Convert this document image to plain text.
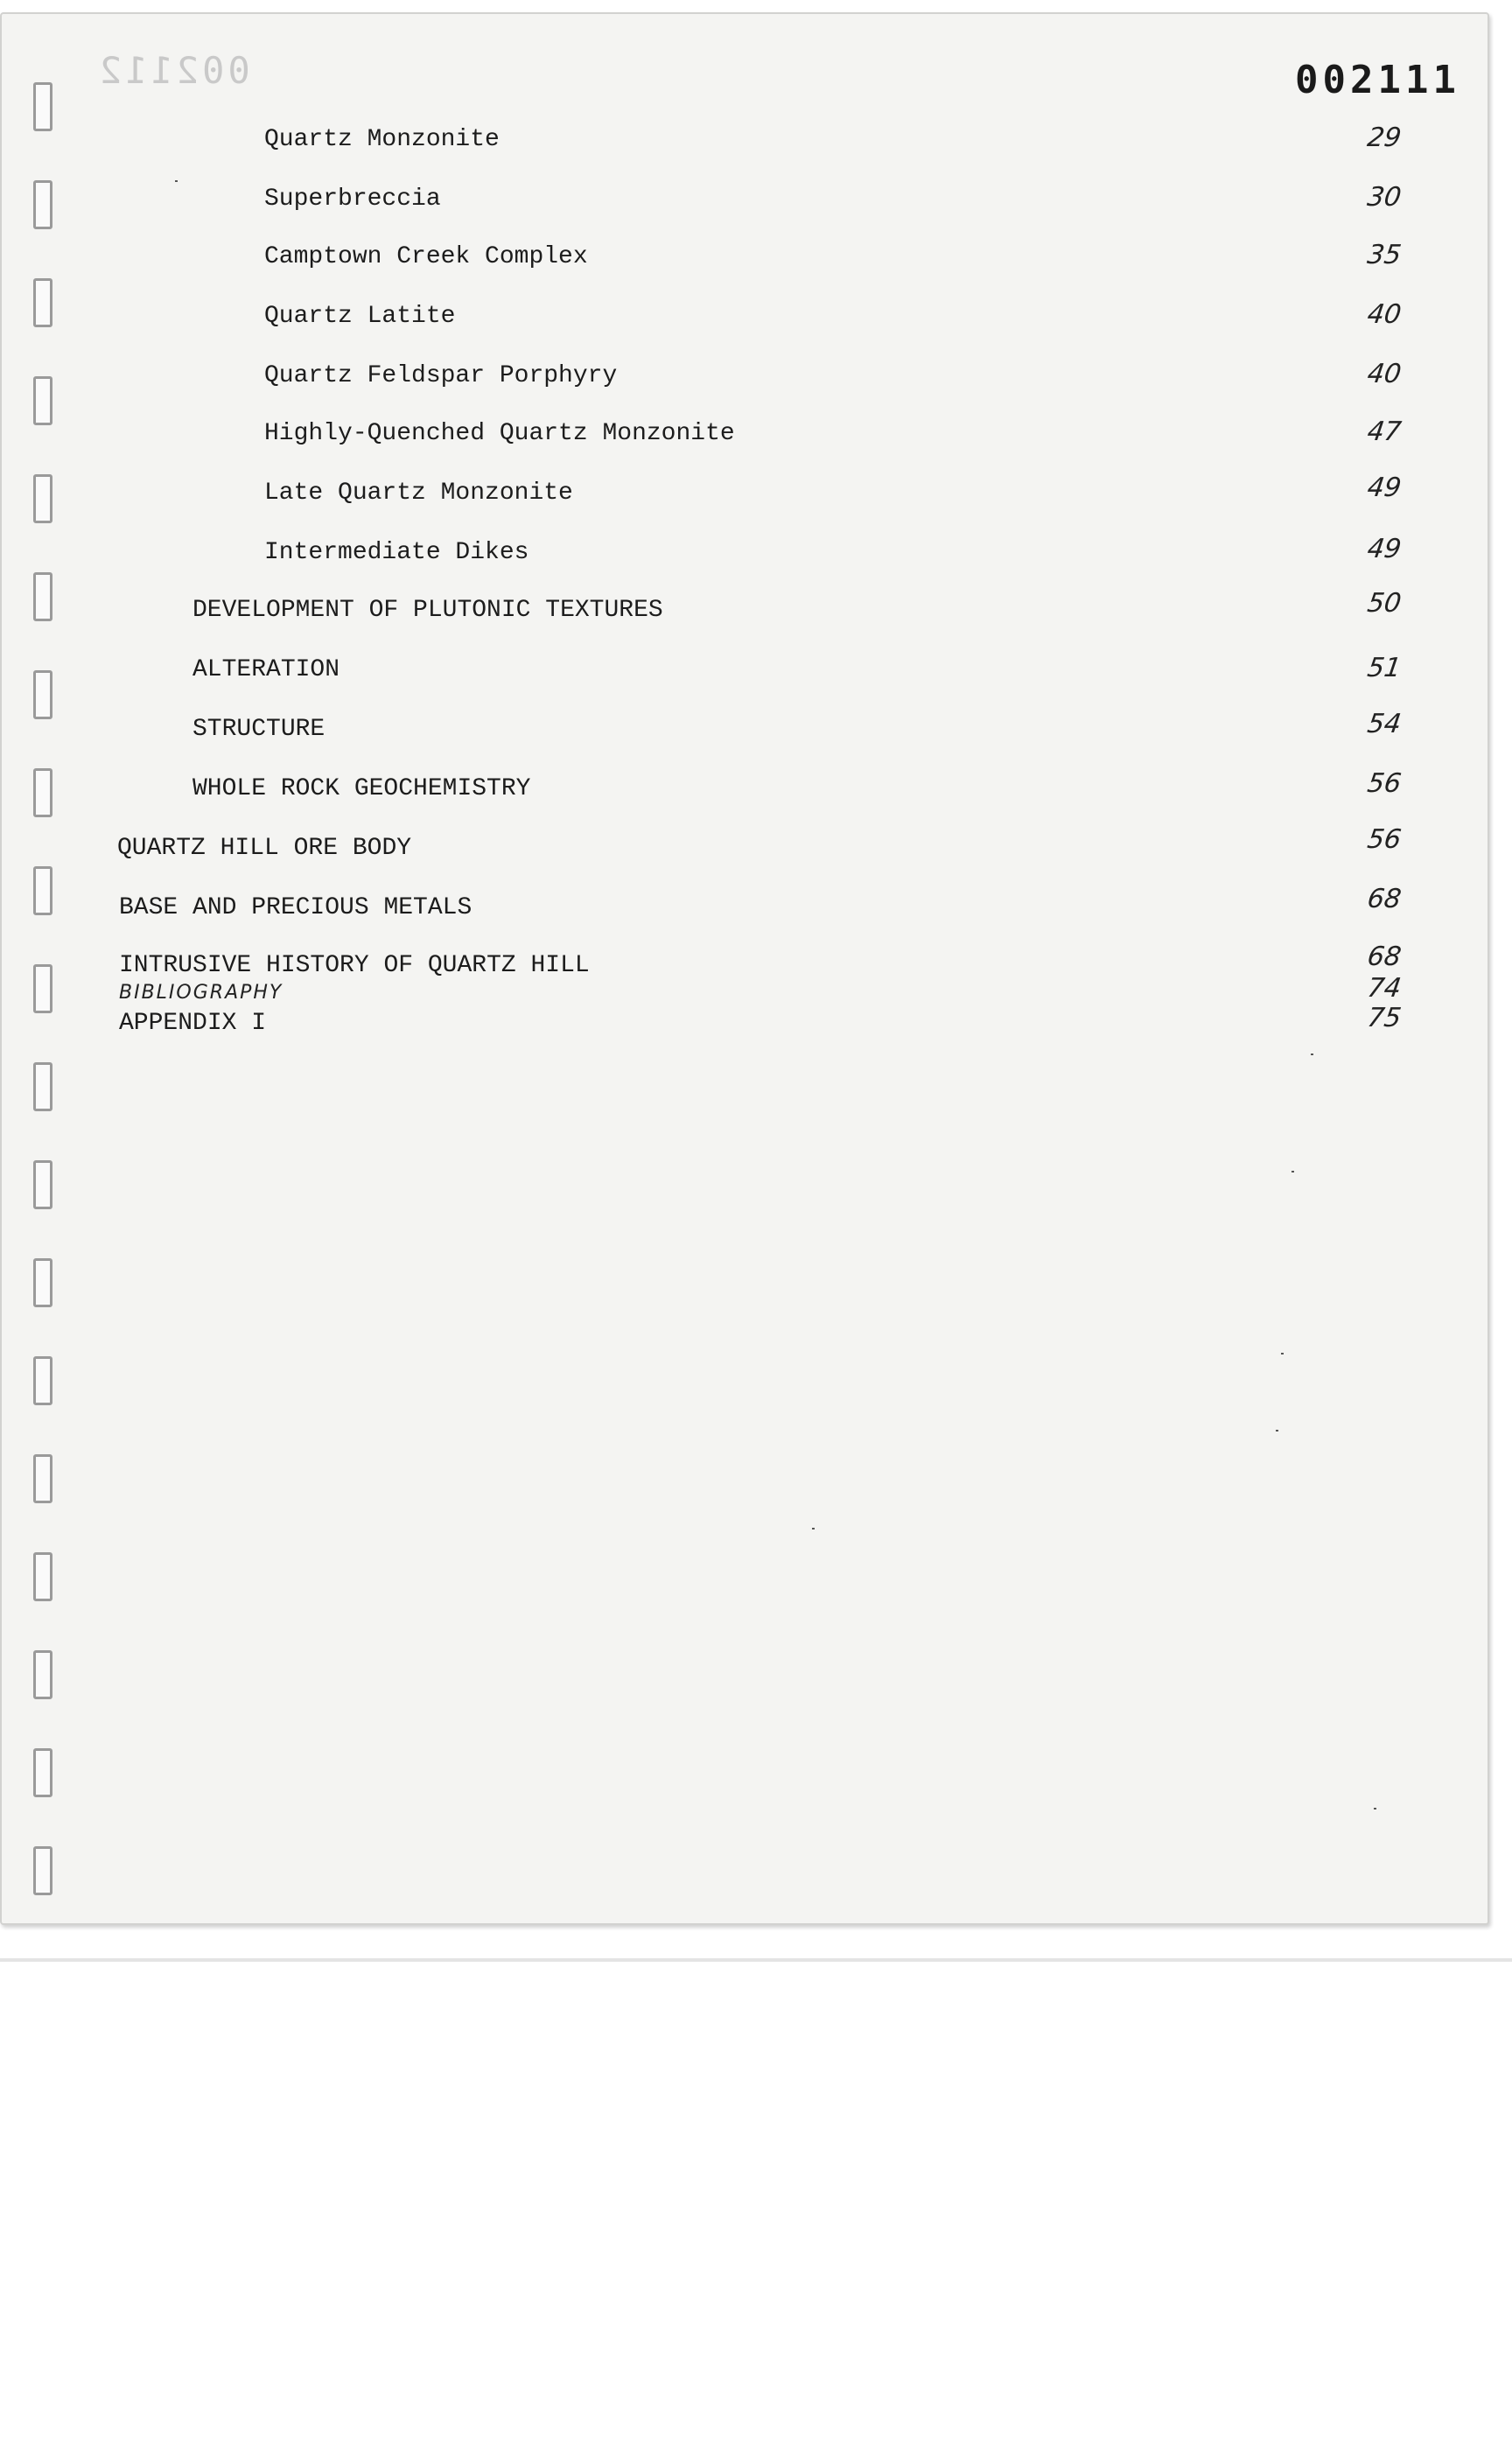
002112	002111
Quartz Monzonite	29
Superbreccia	30
Camptown Creek Complex	35
Quartz Latite	40
Quartz Feldspar Porphyry	40
Highly-Quenched Quartz Monzonite	47
Late Quartz Monzonite	49
Intermediate Dikes	49
DEVELOPMENT OF PLUTONIC TEXTURES	50
ALTERATION	51
STRUCTURE	54
WHOLE ROCK GEOCHEMISTRY	56
QUARTZ HILL ORE BODY	56
BASE AND PRECIOUS METALS	68
INTRUSIVE HISTORY OF QUARTZ HILL	68
BIBLIOGRAPHY	74
APPENDIX I	75
